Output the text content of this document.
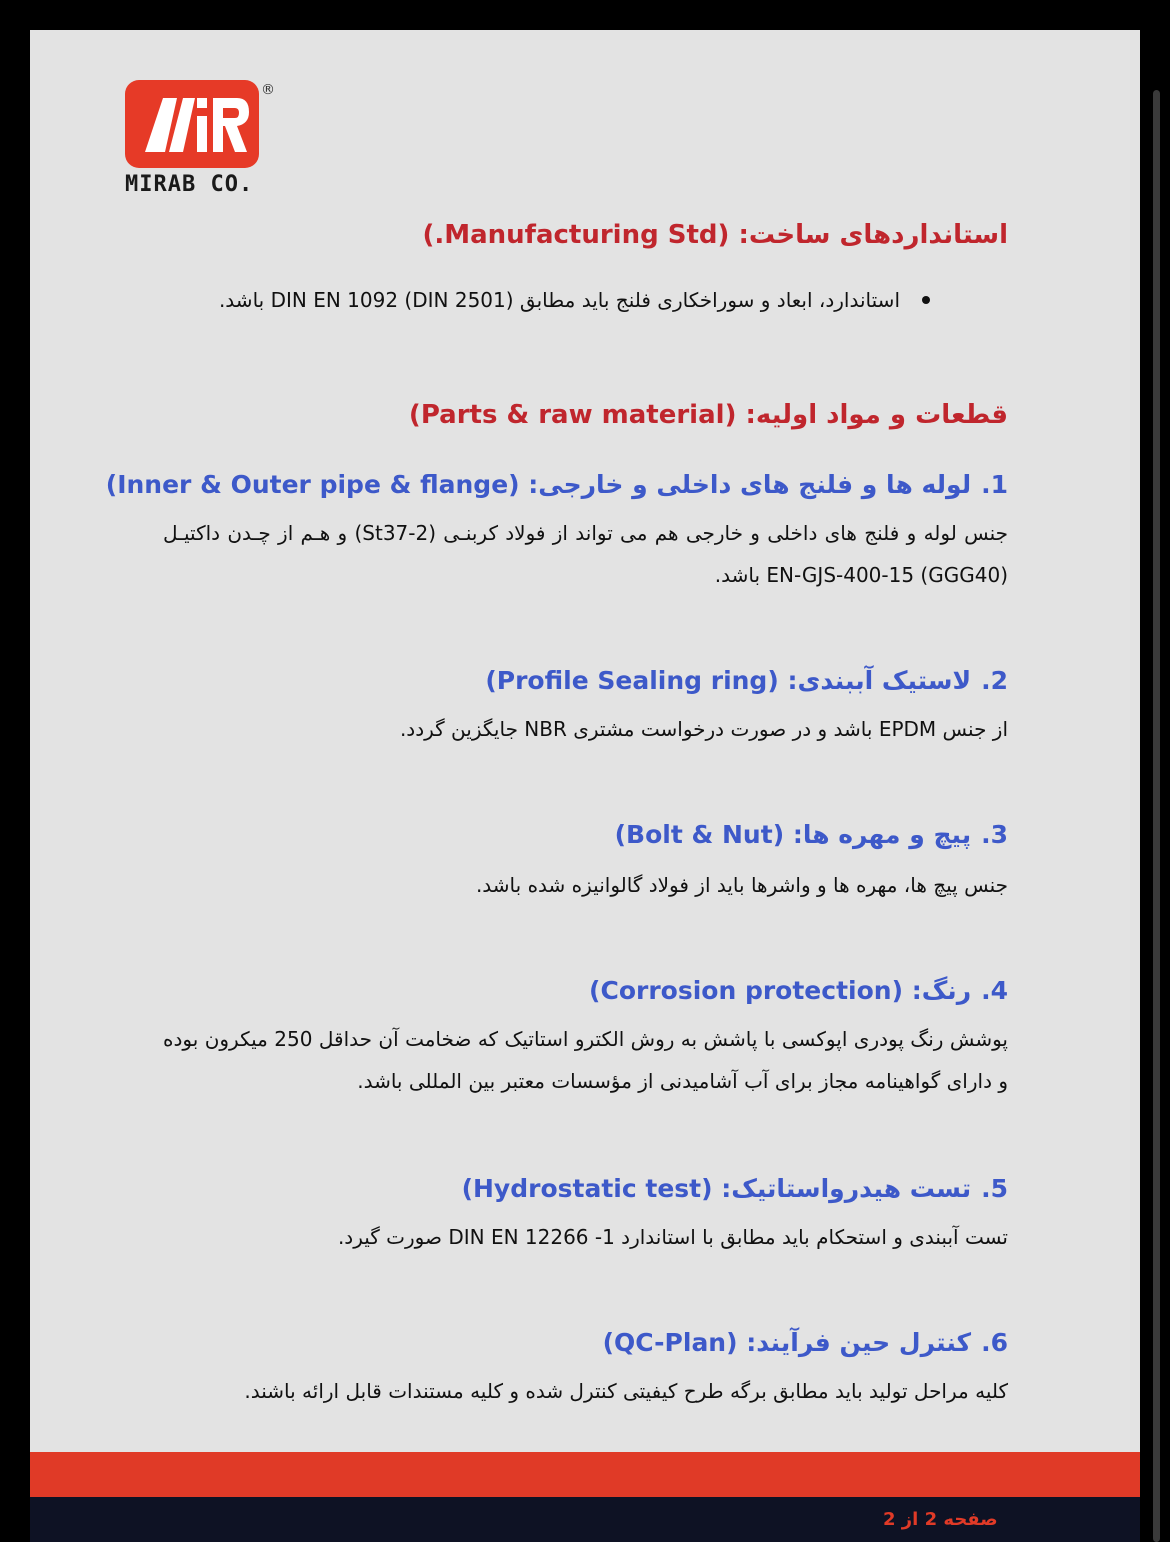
®
MIRAB CO.
استانداردهای ساخت: (Manufacturing Std.)
استاندارد، ابعاد و سوراخکاری فلنج باید مطابق (DIN EN 1092 (DIN 2501 باشد.
قطعات و مواد اولیه: (Parts & raw material)
1.لوله ها و فلنج های داخلی و خارجی: (Inner & Outer pipe & flange)
جنس لوله و فلنج های داخلی و خارجی هم می تواند از فولاد کربنـی (St37-2) و هـم از چـدن داکتیـل (EN-GJS-400-15 (GGG40 باشد.
2.لاستیک آببندی: (Profile Sealing ring)
از جنس EPDM باشد و در صورت درخواست مشتری NBR جایگزین گردد.
3.پیچ و مهره ها: (Bolt & Nut)
جنس پیچ ها، مهره ها و واشرها باید از فولاد گالوانیزه شده باشد.
4.رنگ: (Corrosion protection)
پوشش رنگ پودری اپوکسی با پاشش به روش الکترو استاتیک که ضخامت آن حداقل 250 میکرون بوده و دارای گواهینامه مجاز برای آب آشامیدنی از مؤسسات معتبر بین المللی باشد.
5.تست هیدرواستاتیک: (Hydrostatic test)
تست آببندی و استحکام باید مطابق با استاندارد DIN EN 12266 -1 صورت گیرد.
6.کنترل حین فرآیند: (QC-Plan)
کلیه مراحل تولید باید مطابق برگه طرح کیفیتی کنترل شده و کلیه مستندات قابل ارائه باشند.
صفحه 2 از 2
